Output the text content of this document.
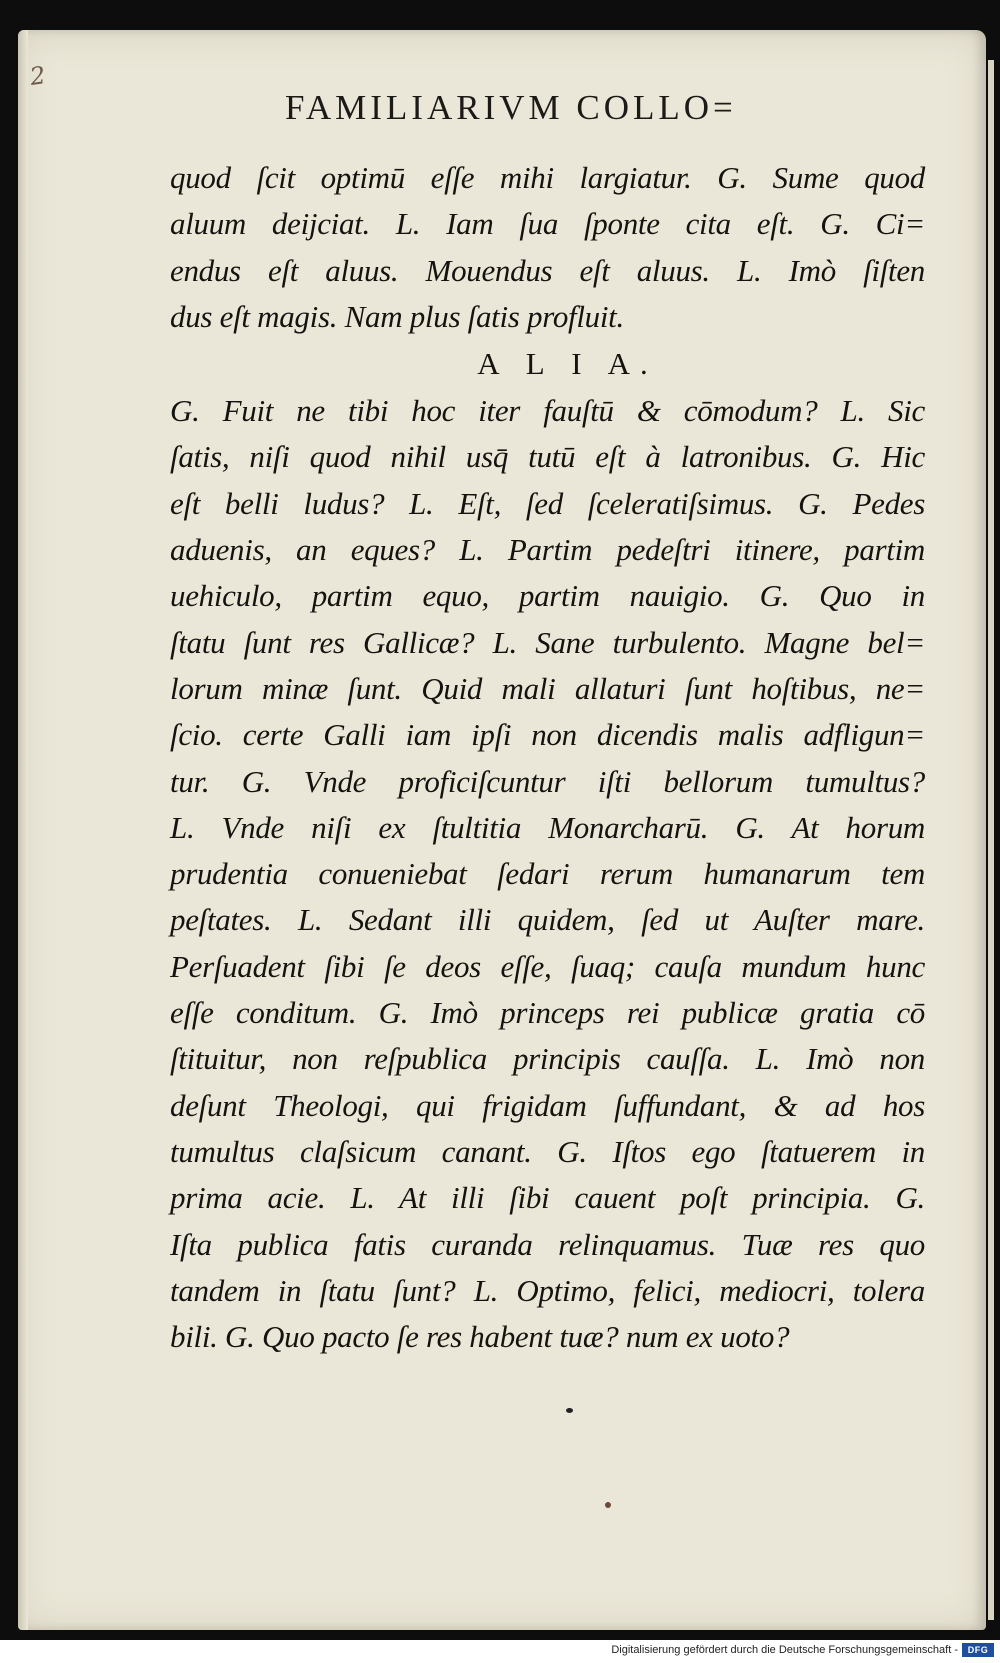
2
FAMILIARIVM COLLO=
quod ſcit optimū eſſe mihi largiatur. G. Sume quod
aluum deijciat. L. Iam ſua ſponte cita eſt. G. Ci=
endus eſt aluus. Mouendus eſt aluus. L. Imò ſiſten
dus eſt magis. Nam plus ſatis profluit.
A L I A.
G. Fuit ne tibi hoc iter fauſtū & cōmodum? L. Sic
ſatis, niſi quod nihil usq̄ tutū eſt à latronibus. G. Hic
eſt belli ludus? L. Eſt, ſed ſceleratiſsimus. G. Pedes
aduenis, an eques? L. Partim pedeſtri itinere, partim
uehiculo, partim equo, partim nauigio. G. Quo in
ſtatu ſunt res Gallicæ? L. Sane turbulento. Magne bel=
lorum minæ ſunt. Quid mali allaturi ſunt hoſtibus, ne=
ſcio. certe Galli iam ipſi non dicendis malis adfligun=
tur. G. Vnde proficiſcuntur iſti bellorum tumultus?
L. Vnde niſi ex ſtultitia Monarcharū. G. At horum
prudentia conueniebat ſedari rerum humanarum tem
peſtates. L. Sedant illi quidem, ſed ut Auſter mare.
Perſuadent ſibi ſe deos eſſe, ſuaq; cauſa mundum hunc
eſſe conditum. G. Imò princeps rei publicæ gratia cō
ſtituitur, non reſpublica principis cauſſa. L. Imò non
deſunt Theologi, qui frigidam ſuffundant, & ad hos
tumultus claſsicum canant. G. Iſtos ego ſtatuerem in
prima acie. L. At illi ſibi cauent poſt principia. G.
Iſta publica fatis curanda relinquamus. Tuæ res quo
tandem in ſtatu ſunt? L. Optimo, felici, mediocri, tolera
bili. G. Quo pacto ſe res habent tuæ? num ex uoto?
Digitalisierung gefördert durch die Deutsche Forschungsgemeinschaft -	DFG
